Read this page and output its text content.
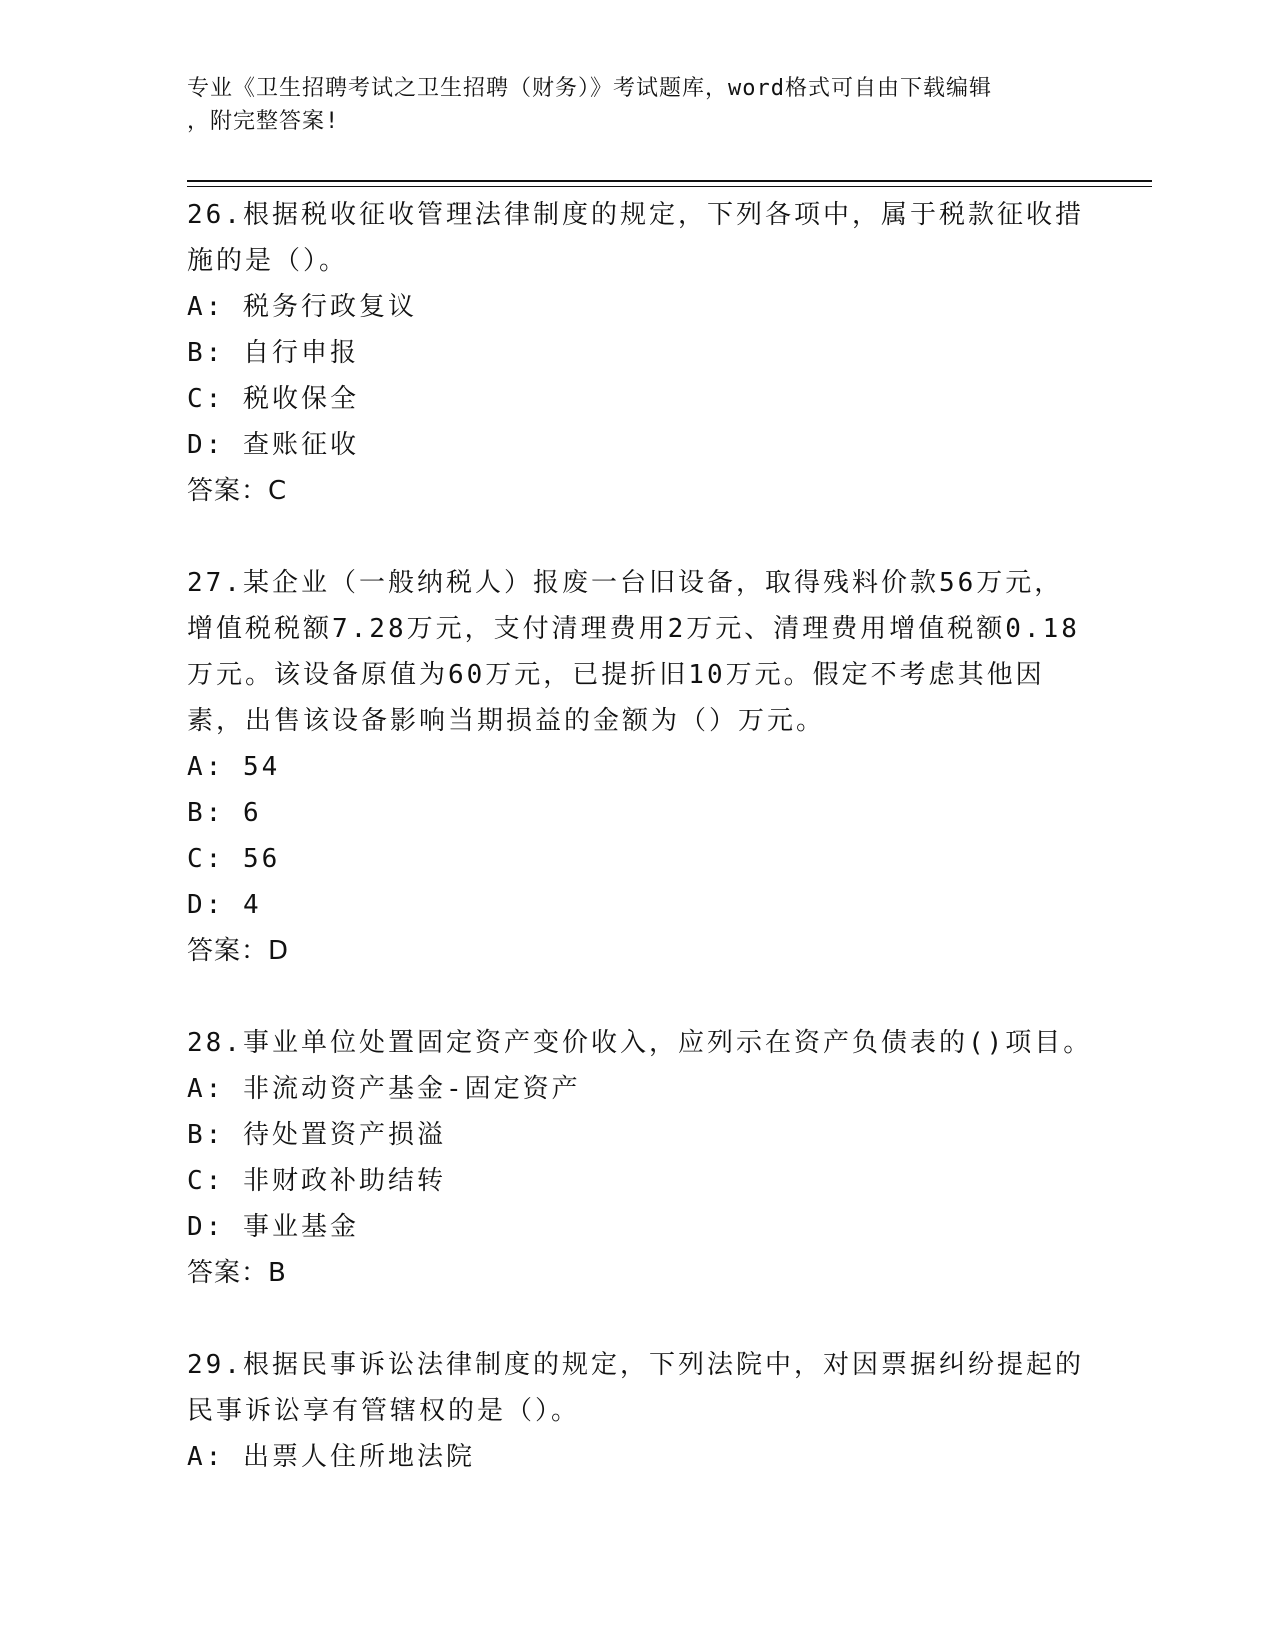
专业《卫生招聘考试之卫生招聘（财务）》考试题库，word格式可自由下载编辑
，附完整答案!
26.根据税收征收管理法律制度的规定，下列各项中，属于税款征收措
施的是（）。
A: 税务行政复议
B: 自行申报
C: 税收保全
D: 查账征收
答案：C
27.某企业（一般纳税人）报废一台旧设备，取得残料价款56万元，
增值税税额7.28万元，支付清理费用2万元、清理费用增值税额0.18
万元。该设备原值为60万元，已提折旧10万元。假定不考虑其他因
素，出售该设备影响当期损益的金额为（）万元。
A: 54
B: 6
C: 56
D: 4
答案：D
28.事业单位处置固定资产变价收入，应列示在资产负债表的()项目。
A: 非流动资产基金-固定资产
B: 待处置资产损溢
C: 非财政补助结转
D: 事业基金
答案：B
29.根据民事诉讼法律制度的规定，下列法院中，对因票据纠纷提起的
民事诉讼享有管辖权的是（）。
A: 出票人住所地法院
